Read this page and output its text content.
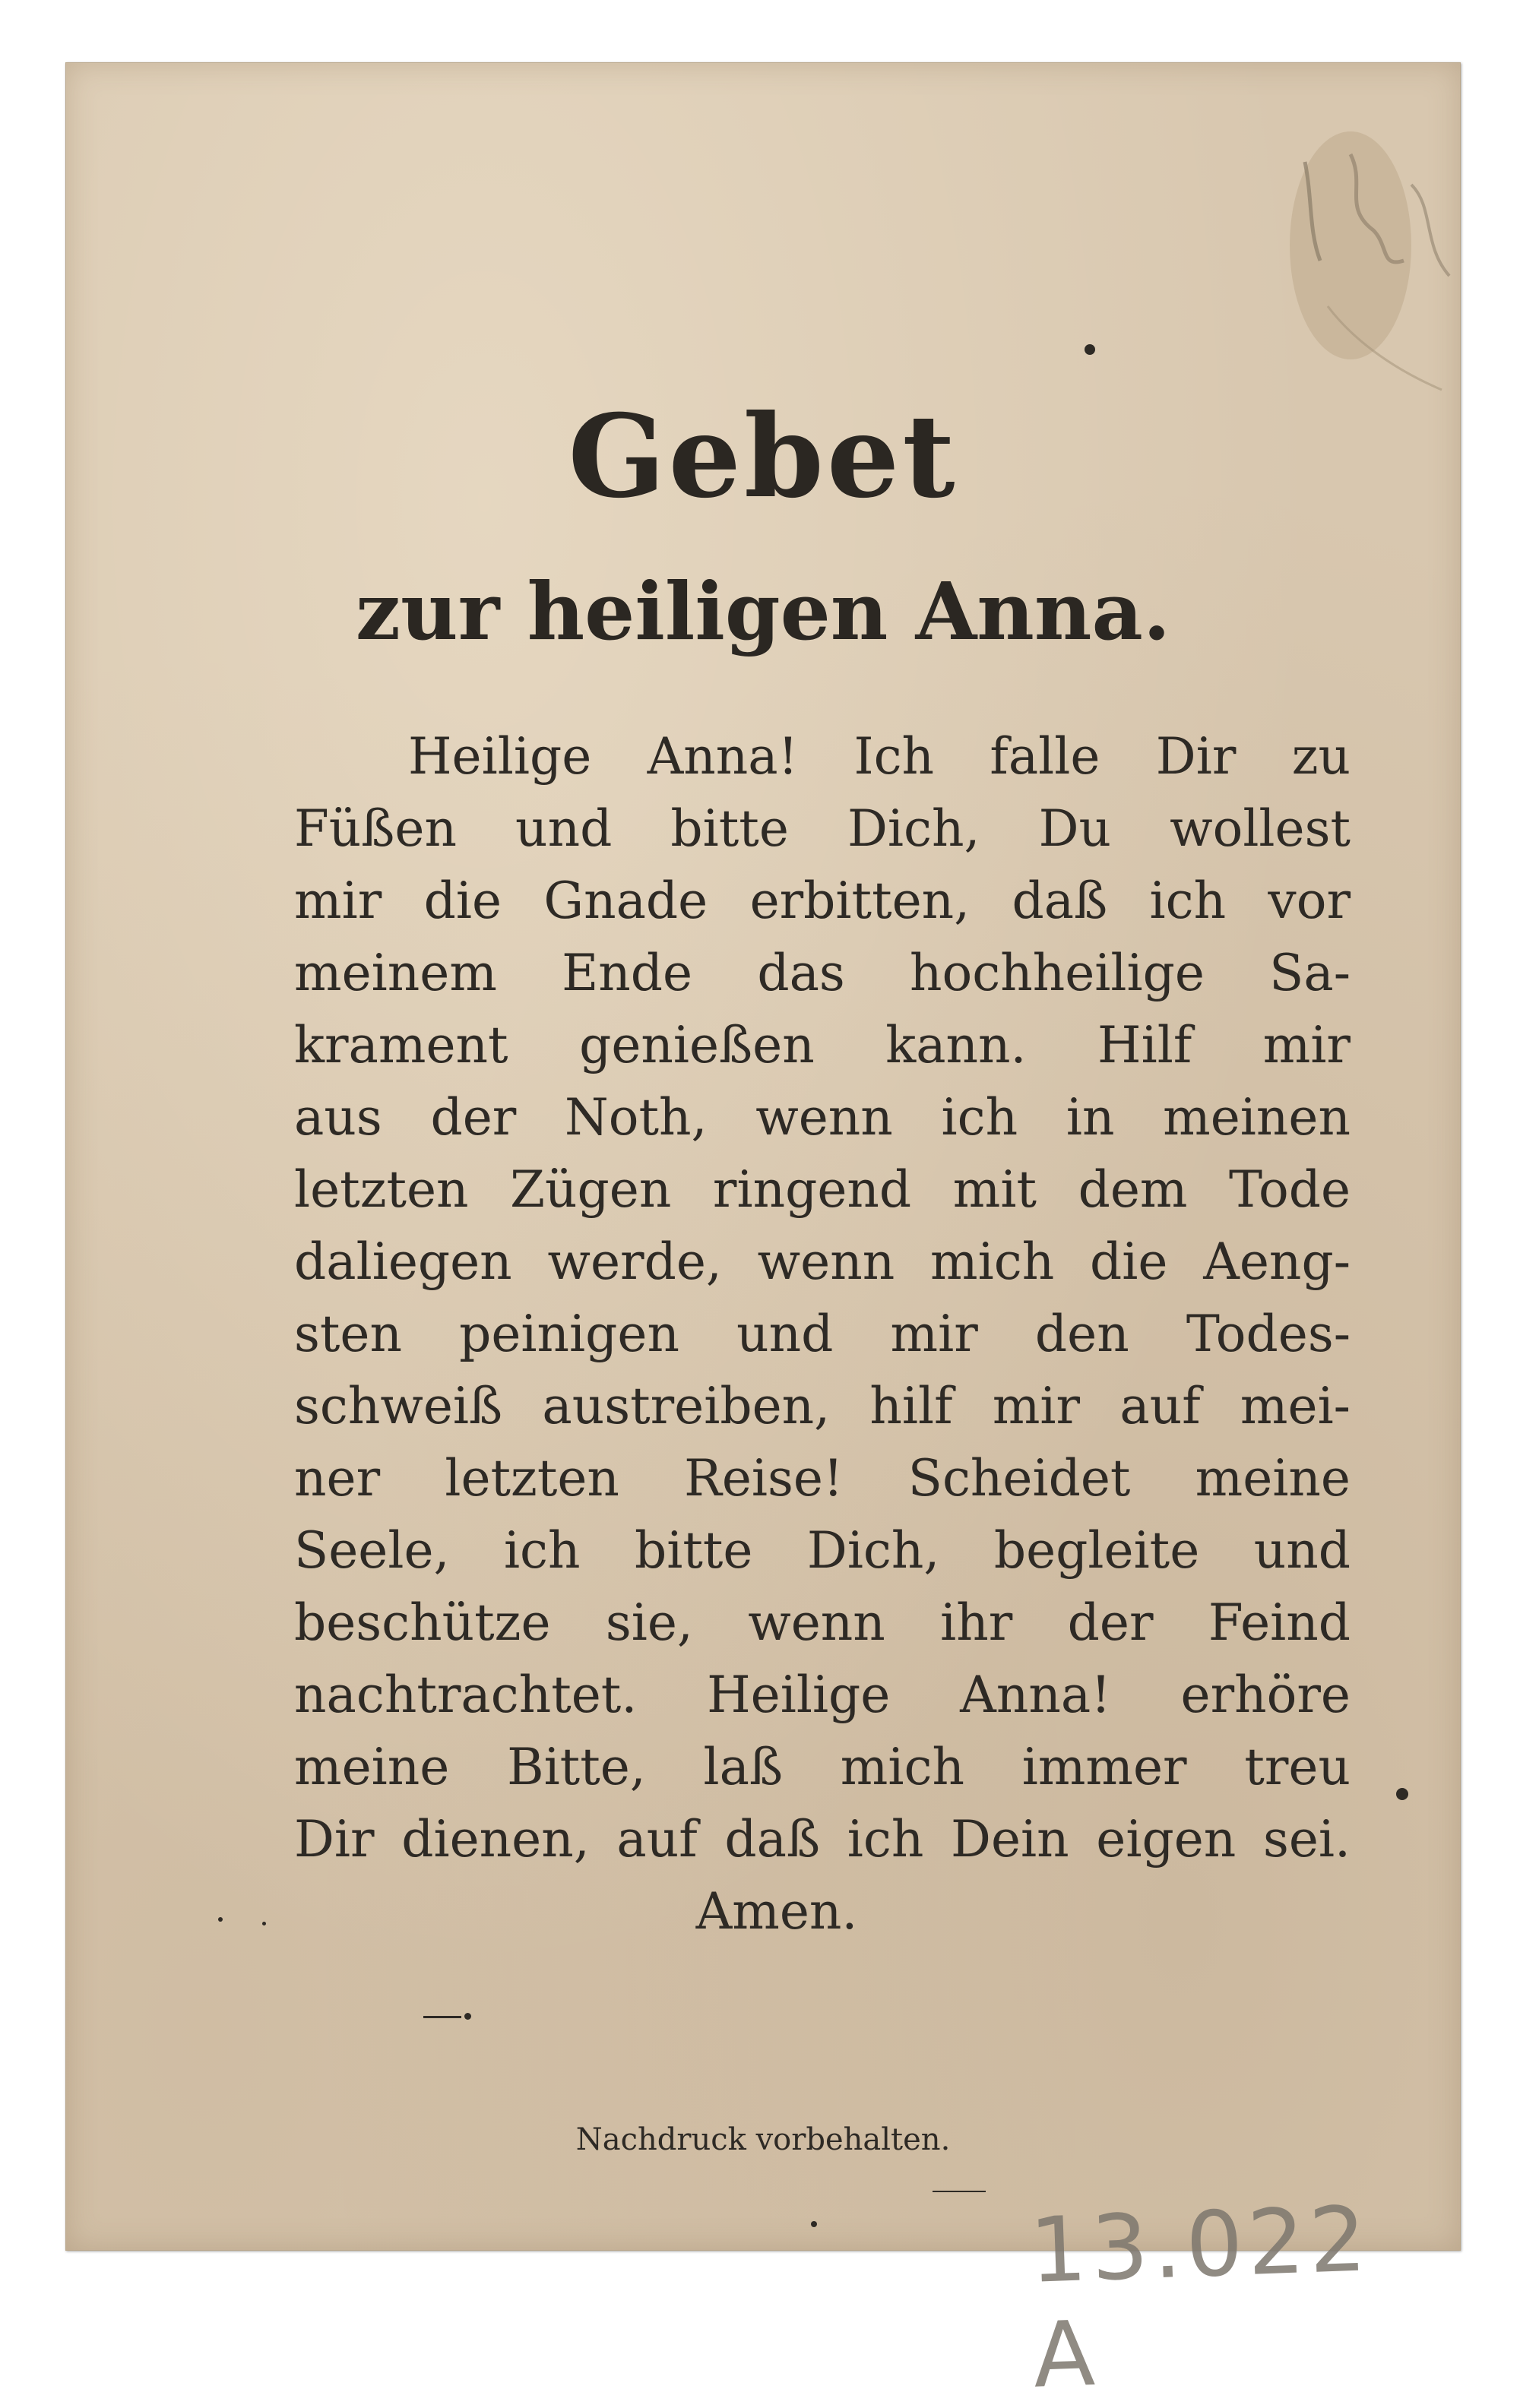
Gebet
zur heiligen Anna.
Heilige Anna! Ich falle Dir zu
Füßen und bitte Dich, Du wollest
mir die Gnade erbitten, daß ich vor
meinem Ende das hochheilige Sa-
krament genießen kann. Hilf mir
aus der Noth, wenn ich in meinen
letzten Zügen ringend mit dem Tode
daliegen werde, wenn mich die Aeng-
sten peinigen und mir den Todes-
schweiß austreiben, hilf mir auf mei-
ner letzten Reise! Scheidet meine
Seele, ich bitte Dich, begleite und
beschütze sie, wenn ihr der Feind
nachtrachtet. Heilige Anna! erhöre
meine Bitte, laß mich immer treu
Dir dienen, auf daß ich Dein eigen sei.
Amen.

Nachdruck vorbehalten.

13.022 A
